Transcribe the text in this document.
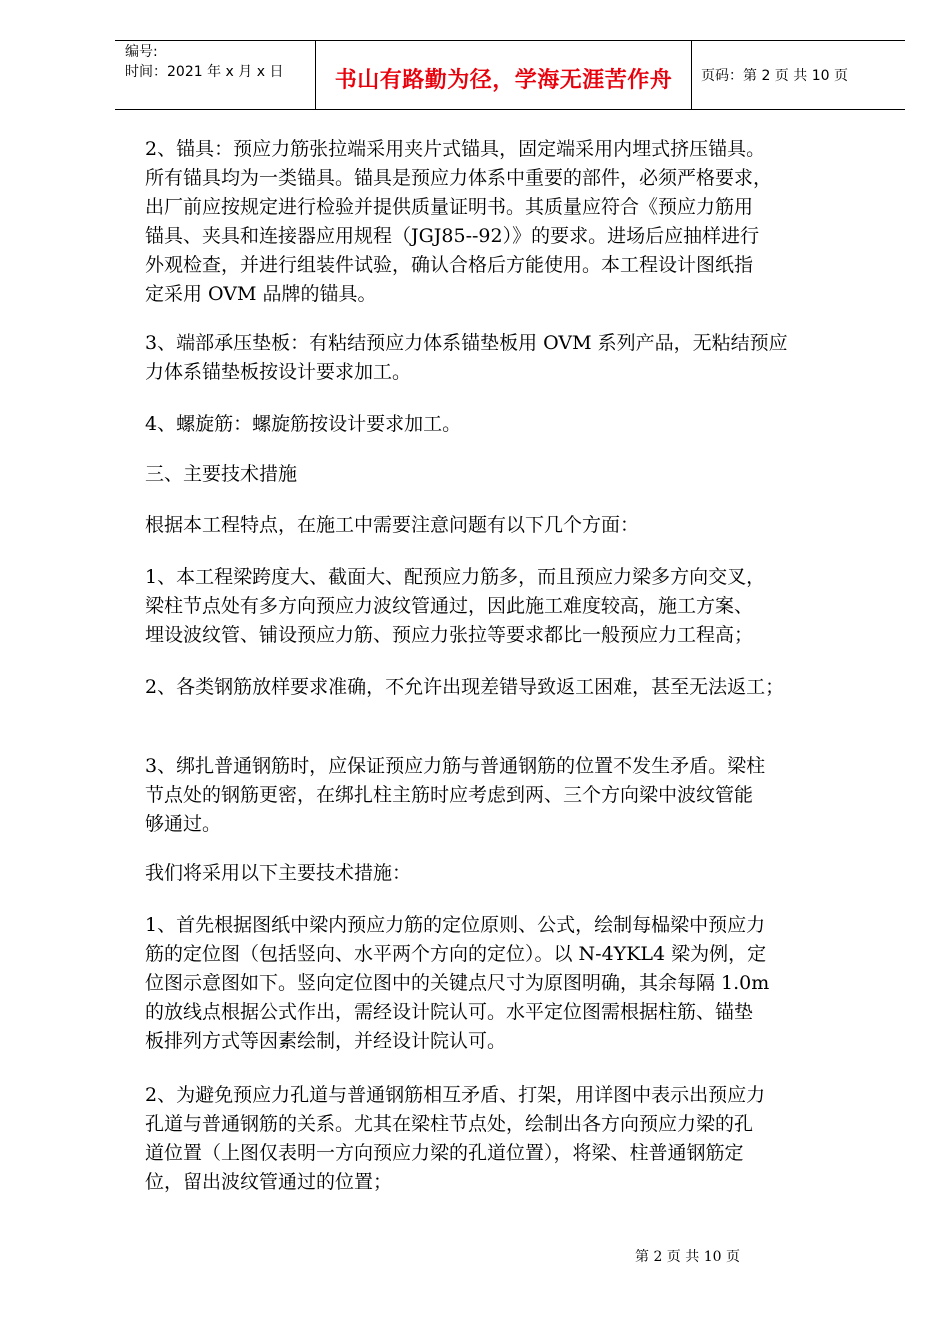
编号:
时间：2021 年 x 月 x 日	书山有路勤为径，学海无涯苦作舟	页码：第 2 页 共 10 页

2、锚具：预应力筋张拉端采用夹片式锚具，固定端采用内埋式挤压锚具。
所有锚具均为一类锚具。锚具是预应力体系中重要的部件，必须严格要求，
出厂前应按规定进行检验并提供质量证明书。其质量应符合《预应力筋用
锚具、夹具和连接器应用规程（JGJ85--92）》的要求。进场后应抽样进行
外观检查，并进行组装件试验，确认合格后方能使用。本工程设计图纸指
定采用 OVM 品牌的锚具。

3、端部承压垫板：有粘结预应力体系锚垫板用 OVM 系列产品，无粘结预应
力体系锚垫板按设计要求加工。

4、螺旋筋：螺旋筋按设计要求加工。

三、主要技术措施

根据本工程特点，在施工中需要注意问题有以下几个方面：

1、本工程梁跨度大、截面大、配预应力筋多，而且预应力梁多方向交叉，
梁柱节点处有多方向预应力波纹管通过，因此施工难度较高，施工方案、
埋设波纹管、铺设预应力筋、预应力张拉等要求都比一般预应力工程高；

2、各类钢筋放样要求准确，不允许出现差错导致返工困难，甚至无法返工；

3、绑扎普通钢筋时，应保证预应力筋与普通钢筋的位置不发生矛盾。梁柱
节点处的钢筋更密，在绑扎柱主筋时应考虑到两、三个方向梁中波纹管能
够通过。

我们将采用以下主要技术措施：

1、首先根据图纸中梁内预应力筋的定位原则、公式，绘制每榀梁中预应力
筋的定位图（包括竖向、水平两个方向的定位）。以 N-4YKL4 梁为例，定
位图示意图如下。竖向定位图中的关键点尺寸为原图明确，其余每隔 1.0m
的放线点根据公式作出，需经设计院认可。水平定位图需根据柱筋、锚垫
板排列方式等因素绘制，并经设计院认可。

2、为避免预应力孔道与普通钢筋相互矛盾、打架，用详图中表示出预应力
孔道与普通钢筋的关系。尤其在梁柱节点处，绘制出各方向预应力梁的孔
道位置（上图仅表明一方向预应力梁的孔道位置），将梁、柱普通钢筋定
位，留出波纹管通过的位置；

第 2 页 共 10 页
